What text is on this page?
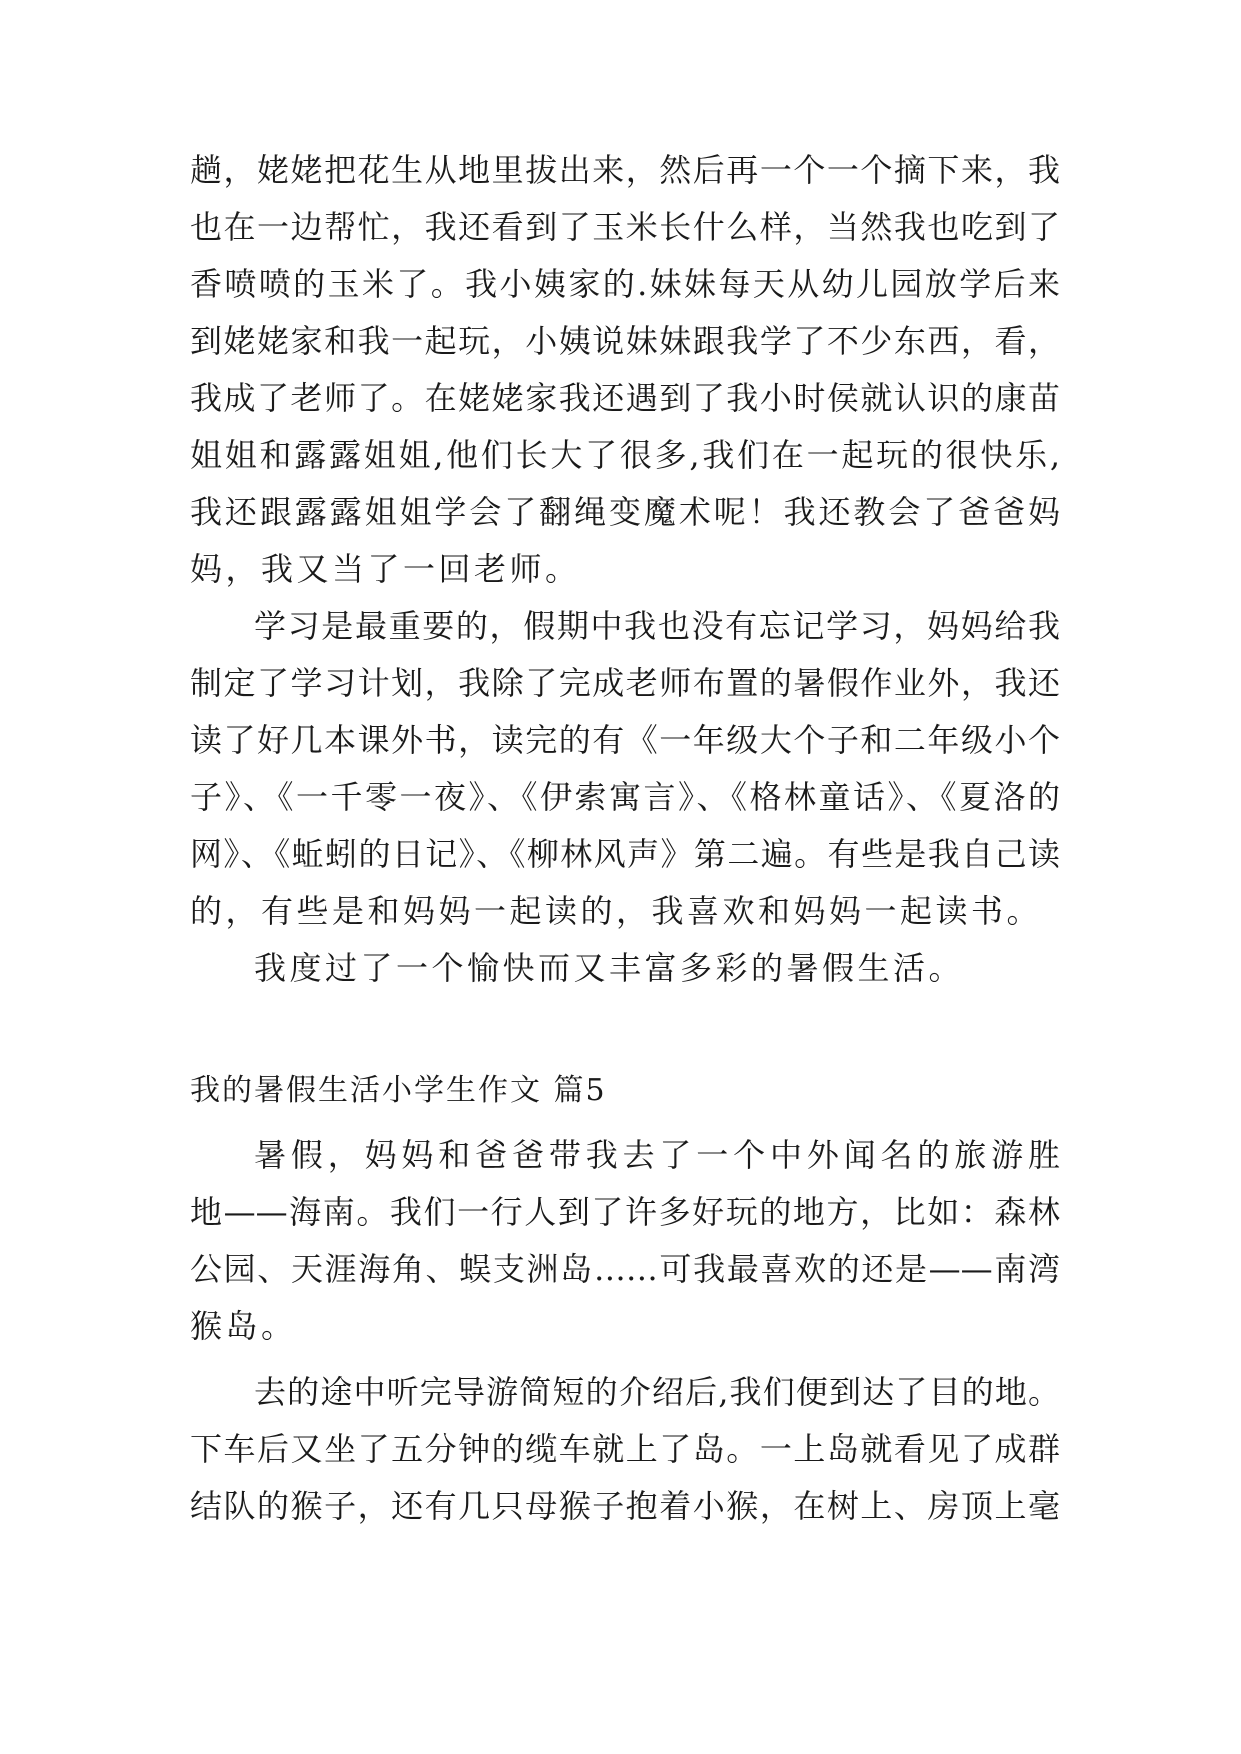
趟，姥姥把花生从地里拔出来，然后再一个一个摘下来，我
也在一边帮忙，我还看到了玉米长什么样，当然我也吃到了
香喷喷的玉米了。我小姨家的.妹妹每天从幼儿园放学后来
到姥姥家和我一起玩，小姨说妹妹跟我学了不少东西，看，
我成了老师了。在姥姥家我还遇到了我小时侯就认识的康苗
姐姐和露露姐姐,他们长大了很多,我们在一起玩的很快乐,
我还跟露露姐姐学会了翻绳变魔术呢！我还教会了爸爸妈
妈，我又当了一回老师。
学习是最重要的，假期中我也没有忘记学习，妈妈给我
制定了学习计划，我除了完成老师布置的暑假作业外，我还
读了好几本课外书，读完的有《一年级大个子和二年级小个
子》、《一千零一夜》、《伊索寓言》、《格林童话》、《夏洛的
网》、《蚯蚓的日记》、《柳林风声》第二遍。有些是我自己读
的，有些是和妈妈一起读的，我喜欢和妈妈一起读书。
我度过了一个愉快而又丰富多彩的暑假生活。
我的暑假生活小学生作文 篇5
暑假，妈妈和爸爸带我去了一个中外闻名的旅游胜
地——海南。我们一行人到了许多好玩的地方，比如：森林
公园、天涯海角、蜈支洲岛……可我最喜欢的还是——南湾
猴岛。
去的途中听完导游简短的介绍后,我们便到达了目的地。
下车后又坐了五分钟的缆车就上了岛。一上岛就看见了成群
结队的猴子，还有几只母猴子抱着小猴，在树上、房顶上毫
